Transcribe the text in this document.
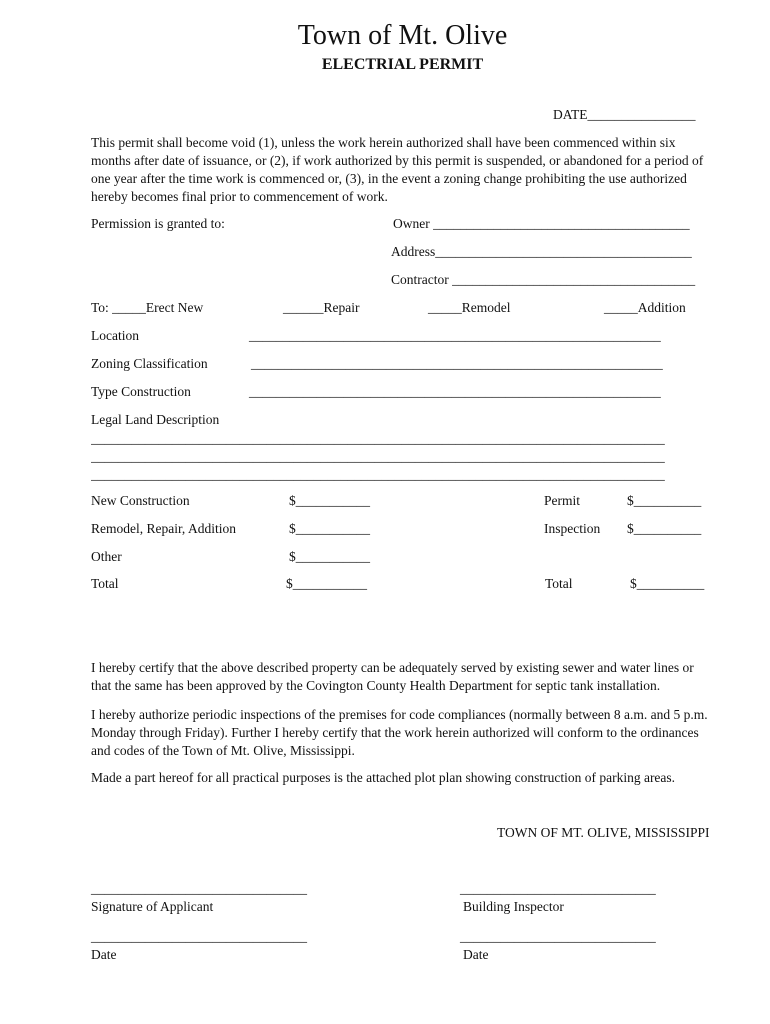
Town of Mt. Olive
ELECTRIAL PERMIT
DATE________________
This permit shall become void (1), unless the work herein authorized shall have been commenced within six months after date of issuance, or (2), if work authorized by this permit is suspended, or abandoned for a period of one year after the time work is commenced or, (3), in the event a zoning change prohibiting the use authorized hereby becomes final prior to commencement of work.
Permission is granted to:	Owner ______________________________________
Address______________________________________
Contractor ____________________________________
To: _____Erect New	______Repair	_____Remodel	_____Addition
Location	_____________________________________________________________
Zoning Classification	_____________________________________________________________
Type Construction	_____________________________________________________________
Legal Land Description
_____________________________________________________________________________________
_____________________________________________________________________________________
_____________________________________________________________________________________
New Construction	$___________	Permit	$__________
Remodel, Repair, Addition	$___________	Inspection $__________
Other	$___________
Total	$___________	Total	$__________
I hereby certify that the above described property can be adequately served by existing sewer and water lines or that the same has been approved by the Covington County Health Department for septic tank installation.
I hereby authorize periodic inspections of the premises for code compliances (normally between 8 a.m. and 5 p.m. Monday through Friday). Further I hereby certify that the work herein authorized will conform to the ordinances and codes of the Town of Mt. Olive, Mississippi.
Made a part hereof for all practical purposes is the attached plot plan showing construction of parking areas.
TOWN OF MT. OLIVE, MISSISSIPPI
________________________________
Signature of Applicant
_____________________________
Building Inspector
________________________________
Date
_____________________________
Date
